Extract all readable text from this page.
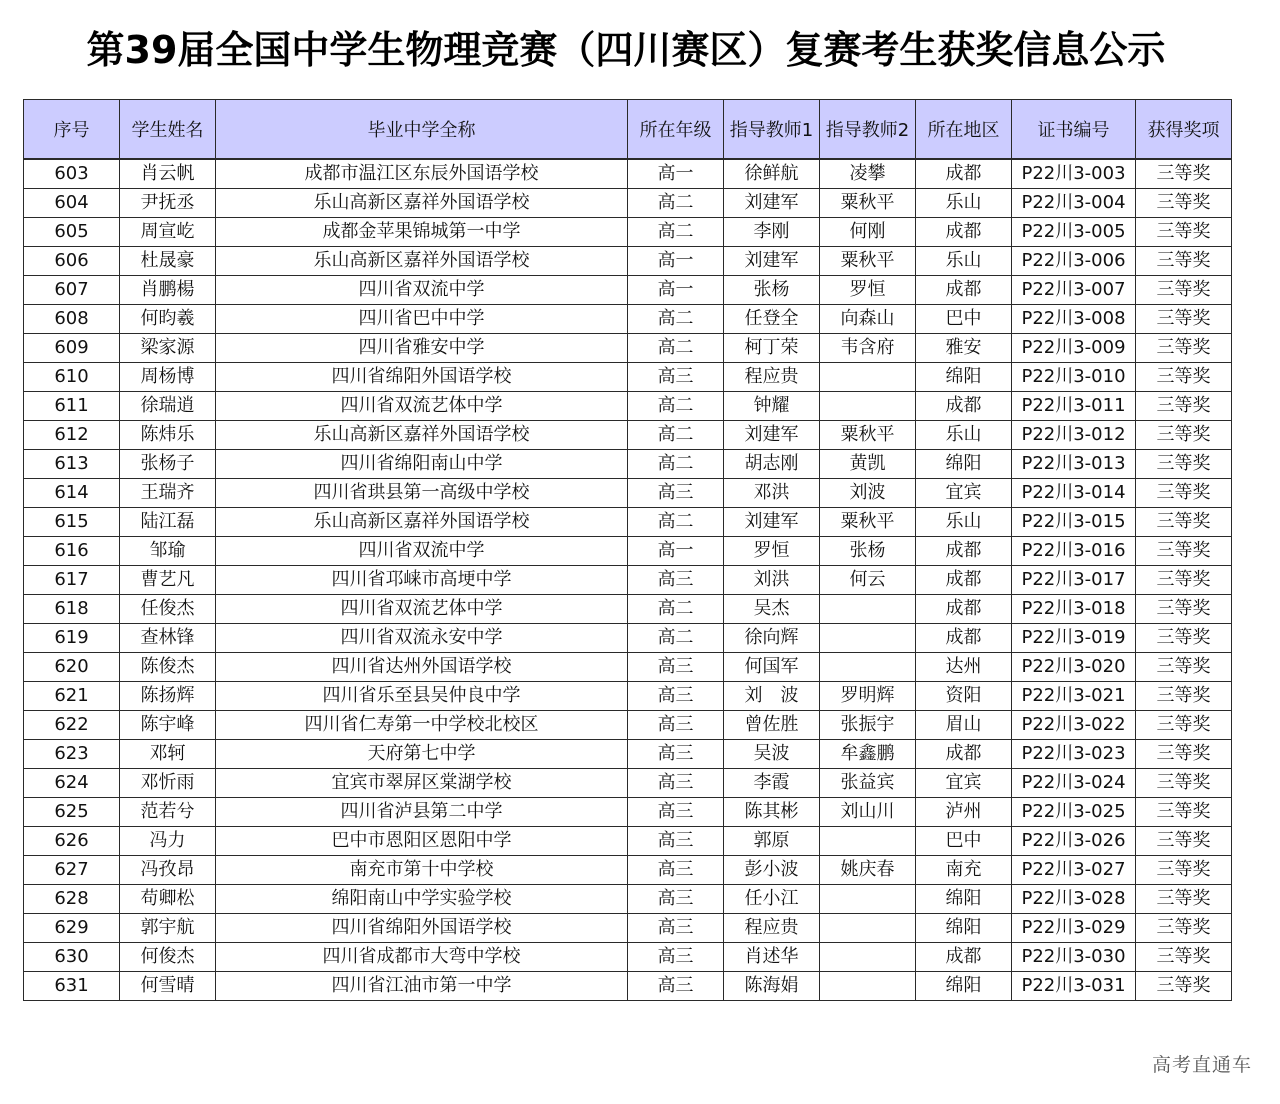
第39届全国中学生物理竞赛（四川赛区）复赛考生获奖信息公示
序号	学生姓名	毕业中学全称	所在年级	指导教师1	指导教师2	所在地区	证书编号	获得奖项
603	肖云帆	成都市温江区东辰外国语学校	高一	徐鲜航	凌攀	成都	P22川3-003	三等奖
604	尹抚丞	乐山高新区嘉祥外国语学校	高二	刘建军	粟秋平	乐山	P22川3-004	三等奖
605	周宣屹	成都金苹果锦城第一中学	高二	李刚	何刚	成都	P22川3-005	三等奖
606	杜晟豪	乐山高新区嘉祥外国语学校	高一	刘建军	粟秋平	乐山	P22川3-006	三等奖
607	肖鹏楊	四川省双流中学	高一	张杨	罗恒	成都	P22川3-007	三等奖
608	何昀羲	四川省巴中中学	高二	任登全	向森山	巴中	P22川3-008	三等奖
609	梁家源	四川省雅安中学	高二	柯丁荣	韦含府	雅安	P22川3-009	三等奖
610	周杨博	四川省绵阳外国语学校	高三	程应贵		绵阳	P22川3-010	三等奖
611	徐瑞逍	四川省双流艺体中学	高二	钟耀		成都	P22川3-011	三等奖
612	陈炜乐	乐山高新区嘉祥外国语学校	高二	刘建军	粟秋平	乐山	P22川3-012	三等奖
613	张杨子	四川省绵阳南山中学	高二	胡志刚	黄凯	绵阳	P22川3-013	三等奖
614	王瑞齐	四川省珙县第一高级中学校	高三	邓洪	刘波	宜宾	P22川3-014	三等奖
615	陆江磊	乐山高新区嘉祥外国语学校	高二	刘建军	粟秋平	乐山	P22川3-015	三等奖
616	邹瑜	四川省双流中学	高一	罗恒	张杨	成都	P22川3-016	三等奖
617	曹艺凡	四川省邛崃市高埂中学	高三	刘洪	何云	成都	P22川3-017	三等奖
618	任俊杰	四川省双流艺体中学	高二	吴杰		成都	P22川3-018	三等奖
619	查林锋	四川省双流永安中学	高二	徐向辉		成都	P22川3-019	三等奖
620	陈俊杰	四川省达州外国语学校	高三	何国军		达州	P22川3-020	三等奖
621	陈扬辉	四川省乐至县吴仲良中学	高三	刘　波	罗明辉	资阳	P22川3-021	三等奖
622	陈宇峰	四川省仁寿第一中学校北校区	高三	曾佐胜	张振宇	眉山	P22川3-022	三等奖
623	邓轲	天府第七中学	高三	吴波	牟鑫鹏	成都	P22川3-023	三等奖
624	邓忻雨	宜宾市翠屏区棠湖学校	高三	李霞	张益宾	宜宾	P22川3-024	三等奖
625	范若兮	四川省泸县第二中学	高三	陈其彬	刘山川	泸州	P22川3-025	三等奖
626	冯力	巴中市恩阳区恩阳中学	高三	郭原		巴中	P22川3-026	三等奖
627	冯孜昂	南充市第十中学校	高三	彭小波	姚庆春	南充	P22川3-027	三等奖
628	苟卿松	绵阳南山中学实验学校	高三	任小江		绵阳	P22川3-028	三等奖
629	郭宇航	四川省绵阳外国语学校	高三	程应贵		绵阳	P22川3-029	三等奖
630	何俊杰	四川省成都市大弯中学校	高三	肖述华		成都	P22川3-030	三等奖
631	何雪晴	四川省江油市第一中学	高三	陈海娟		绵阳	P22川3-031	三等奖
高考直通车
